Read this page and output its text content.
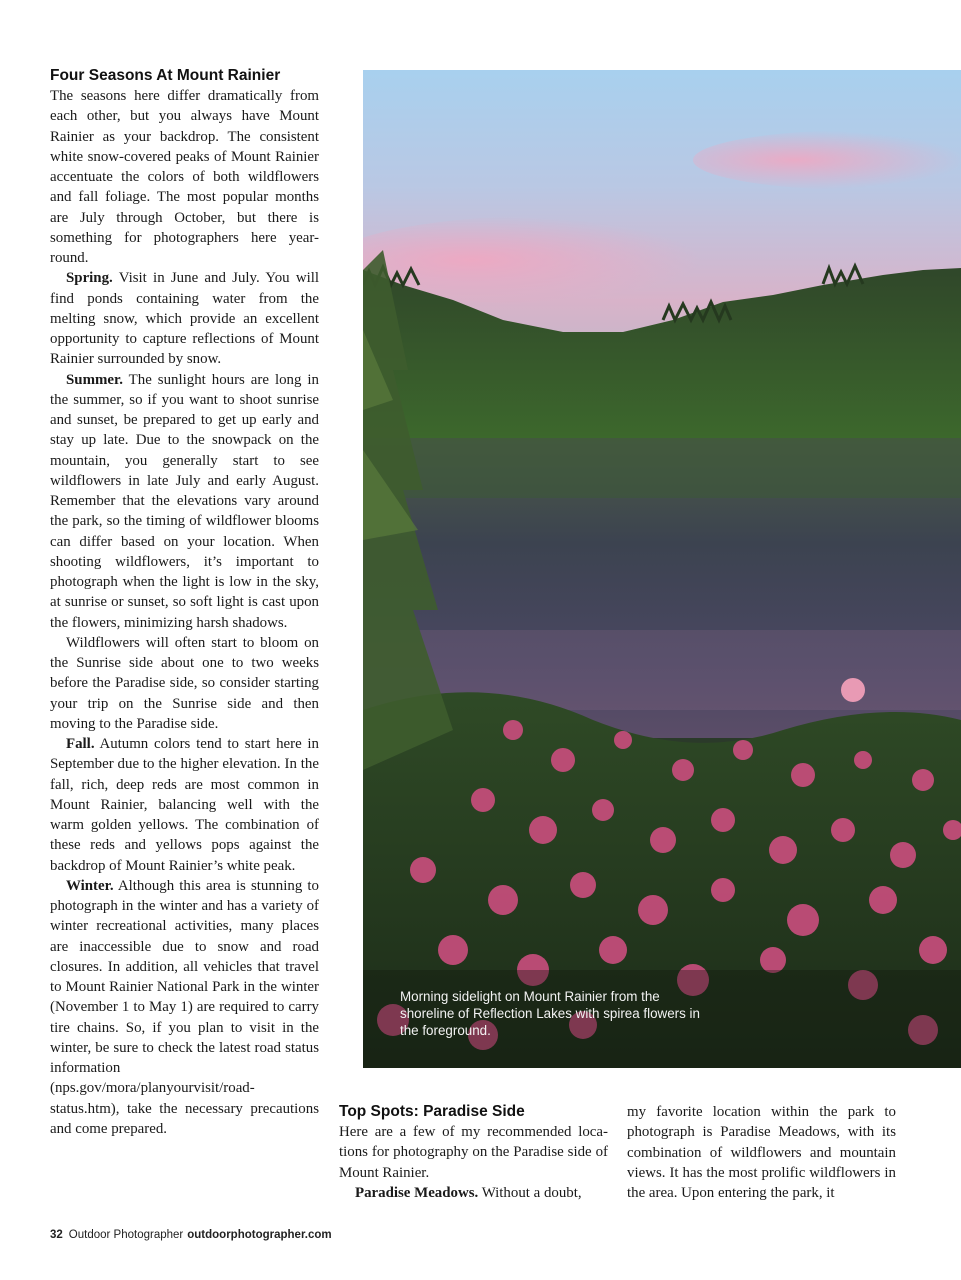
Four Seasons At Mount Rainier

The seasons here differ dramatically from each other, but you always have Mount Rainier as your backdrop. The consistent white snow-covered peaks of Mount Rainier accentuate the colors of both wildflowers and fall foliage. The most popular months are July through October, but there is something for photographers here year-round.

Spring. Visit in June and July. You will find ponds containing water from the melting snow, which provide an excellent opportunity to capture reflections of Mount Rainier surrounded by snow.

Summer. The sunlight hours are long in the summer, so if you want to shoot sunrise and sunset, be prepared to get up early and stay up late. Due to the snowpack on the mountain, you generally start to see wildflowers in late July and early August. Remember that the elevations vary around the park, so the timing of wildflower blooms can differ based on your location. When shooting wildflowers, it’s important to photograph when the light is low in the sky, at sunrise or sunset, so soft light is cast upon the flowers, minimizing harsh shadows.

Wildflowers will often start to bloom on the Sunrise side about one to two weeks before the Paradise side, so consider starting your trip on the Sunrise side and then moving to the Paradise side.

Fall. Autumn colors tend to start here in September due to the higher elevation. In the fall, rich, deep reds are most common in Mount Rainier, balancing well with the warm golden yellows. The combination of these reds and yellows pops against the backdrop of Mount Rainier’s white peak.

Winter. Although this area is stunning to photograph in the winter and has a variety of winter recreational activities, many places are inaccessible due to snow and road closures. In addition, all vehicles that travel to Mount Rainier National Park in the winter (November 1 to May 1) are required to carry tire chains. So, if you plan to visit in the winter, be sure to check the latest road status information (nps.gov/mora/planyourvisit/road-status.htm), take the necessary precautions and come prepared.

Morning sidelight on Mount Rainier from the shoreline of Reflection Lakes with spirea flowers in the foreground.

Top Spots: Paradise Side

Here are a few of my recommended locations for photography on the Paradise side of Mount Rainier.

Paradise Meadows. Without a doubt,

my favorite location within the park to photograph is Paradise Meadows, with its combination of wildflowers and mountain views. It has the most prolific wildflowers in the area. Upon entering the park, it

32 Outdoor Photographer outdoorphotographer.com
